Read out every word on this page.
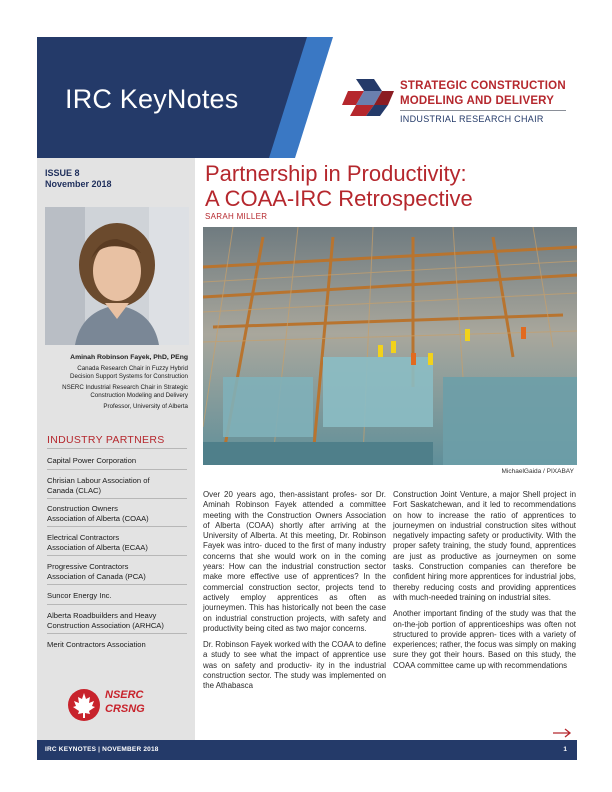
IRC KeyNotes	STRATEGIC CONSTRUCTION
MODELING AND DELIVERY
INDUSTRIAL RESEARCH CHAIR
ISSUE 8
November 2018
Aminah Robinson Fayek, PhD, PEng
Canada Research Chair in Fuzzy Hybrid
Decision Support Systems for Construction
NSERC Industrial Research Chair in Strategic
Construction Modeling and Delivery
Professor, University of Alberta
INDUSTRY PARTNERS
Capital Power Corporation
Chrisian Labour Association of
Canada (CLAC)
Construction Owners
Association of Alberta (COAA)
Electrical Contractors
Association of Alberta (ECAA)
Progressive Contractors
Association of Canada (PCA)
Suncor Energy Inc.
Alberta Roadbuilders and Heavy
Construction Association (ARHCA)
Merit Contractors Association
NSERC
CRSNG
Partnership in Productivity:
A COAA-IRC Retrospective
SARAH MILLER
MichaelGaida / PIXABAY

Over 20 years ago, then-assistant profes- sor Dr. Aminah Robinson Fayek attended a committee meeting with the Construction Owners Association of Alberta (COAA) shortly after arriving at the University of Alberta. At this meeting, Dr. Robinson Fayek was intro- duced to the first of many industry concerns that she would work on in the coming years: How can the industrial construction sector make more effective use of apprentices? In the commercial construction sector, projects tend to actively employ apprentices as often as journeymen. This has historically not been the case on industrial construction projects, with safety and productivity being cited as two major concerns.

Dr. Robinson Fayek worked with the COAA to define a study to see what the impact of apprentice use was on safety and productiv- ity in the industrial construction sector. The study was implemented on the Athabasca

Construction Joint Venture, a major Shell project in Fort Saskatchewan, and it led to recommendations on how to increase the ratio of apprentices to journeymen on industrial construction sites without negatively impacting safety or productivity. With the proper safety training, the study found, apprentices are just as productive as journeymen on some tasks. Construction companies can therefore be confident hiring more apprentices for industrial jobs, thereby reducing costs and providing apprentices with much-needed training on industrial sites.

Another important finding of the study was that the on-the-job portion of apprenticeships was often not structured to provide appren- tices with a variety of experiences; rather, the focus was simply on making sure they got their hours. Based on this study, the COAA committee came up with recommendations

IRC KEYNOTES | NOVEMBER 2018	1
